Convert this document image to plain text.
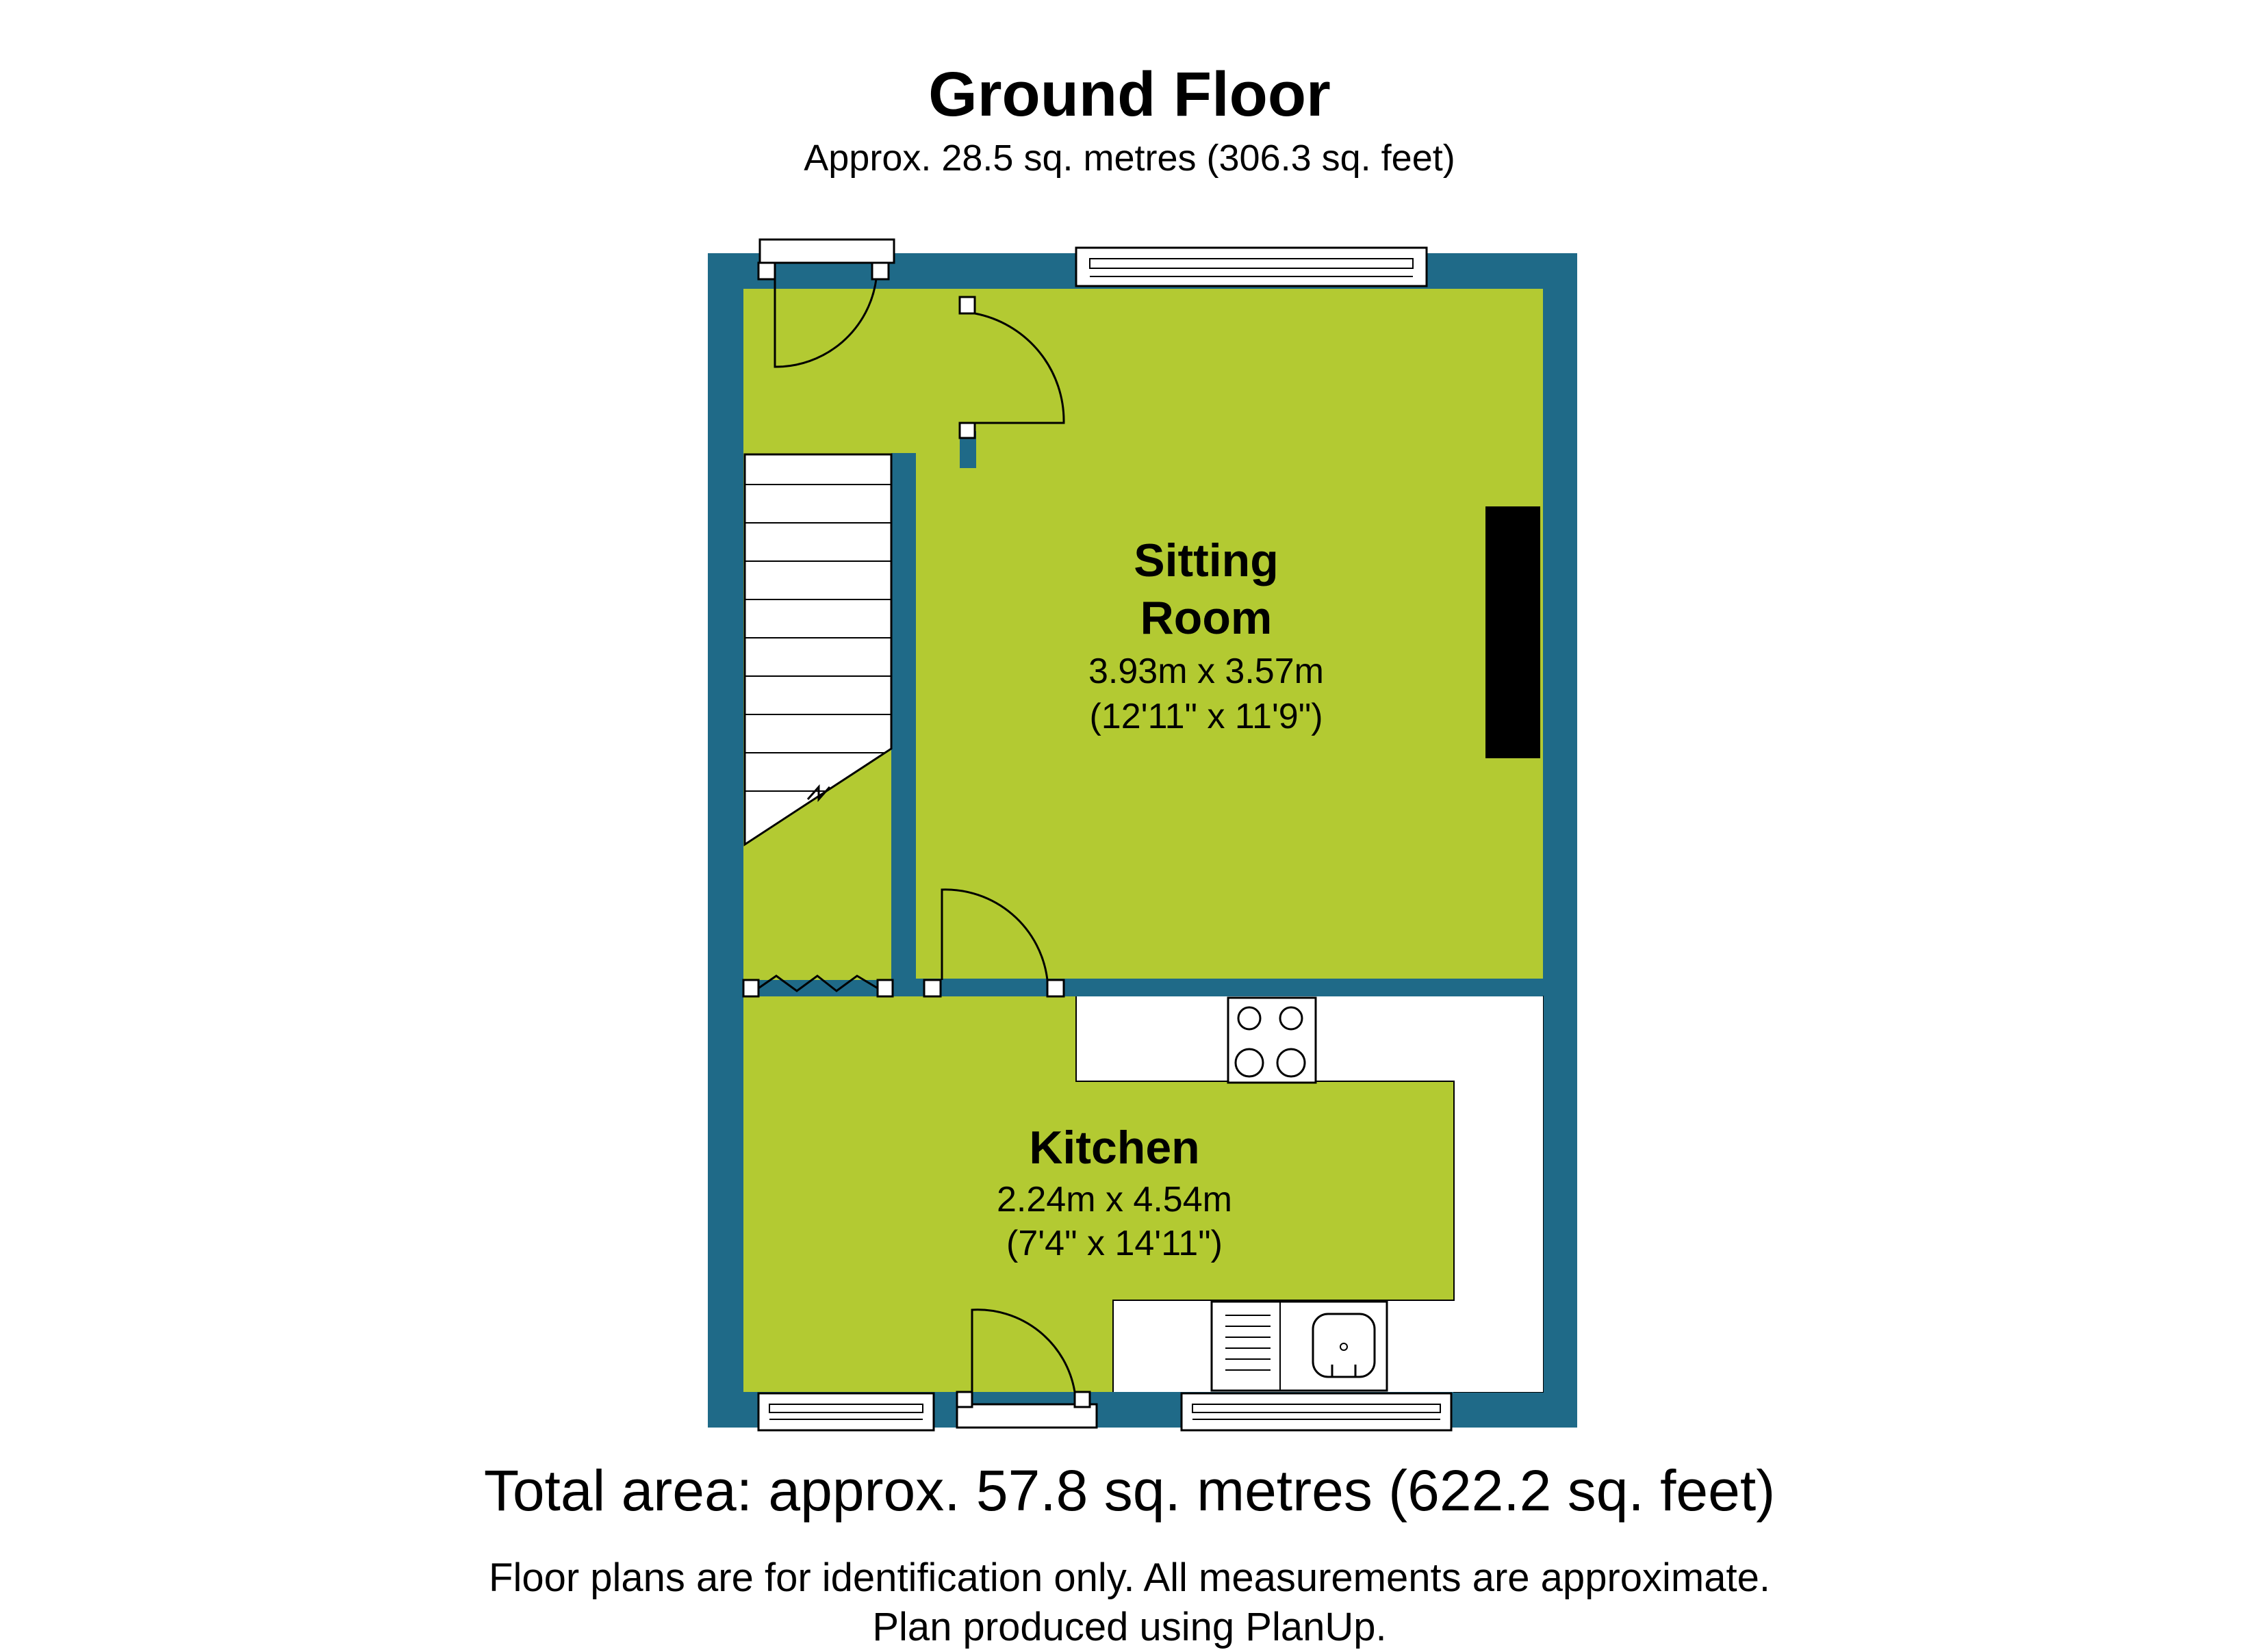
Ground Floor
Approx. 28.5 sq. metres (306.3 sq. feet)
Sitting
Room
3.93m x 3.57m
(12'11" x 11'9")
Kitchen
2.24m x 4.54m
(7'4" x 14'11")
Total area: approx. 57.8 sq. metres (622.2 sq. feet)
Floor plans are for identification only. All measurements are approximate.
Plan produced using PlanUp.
